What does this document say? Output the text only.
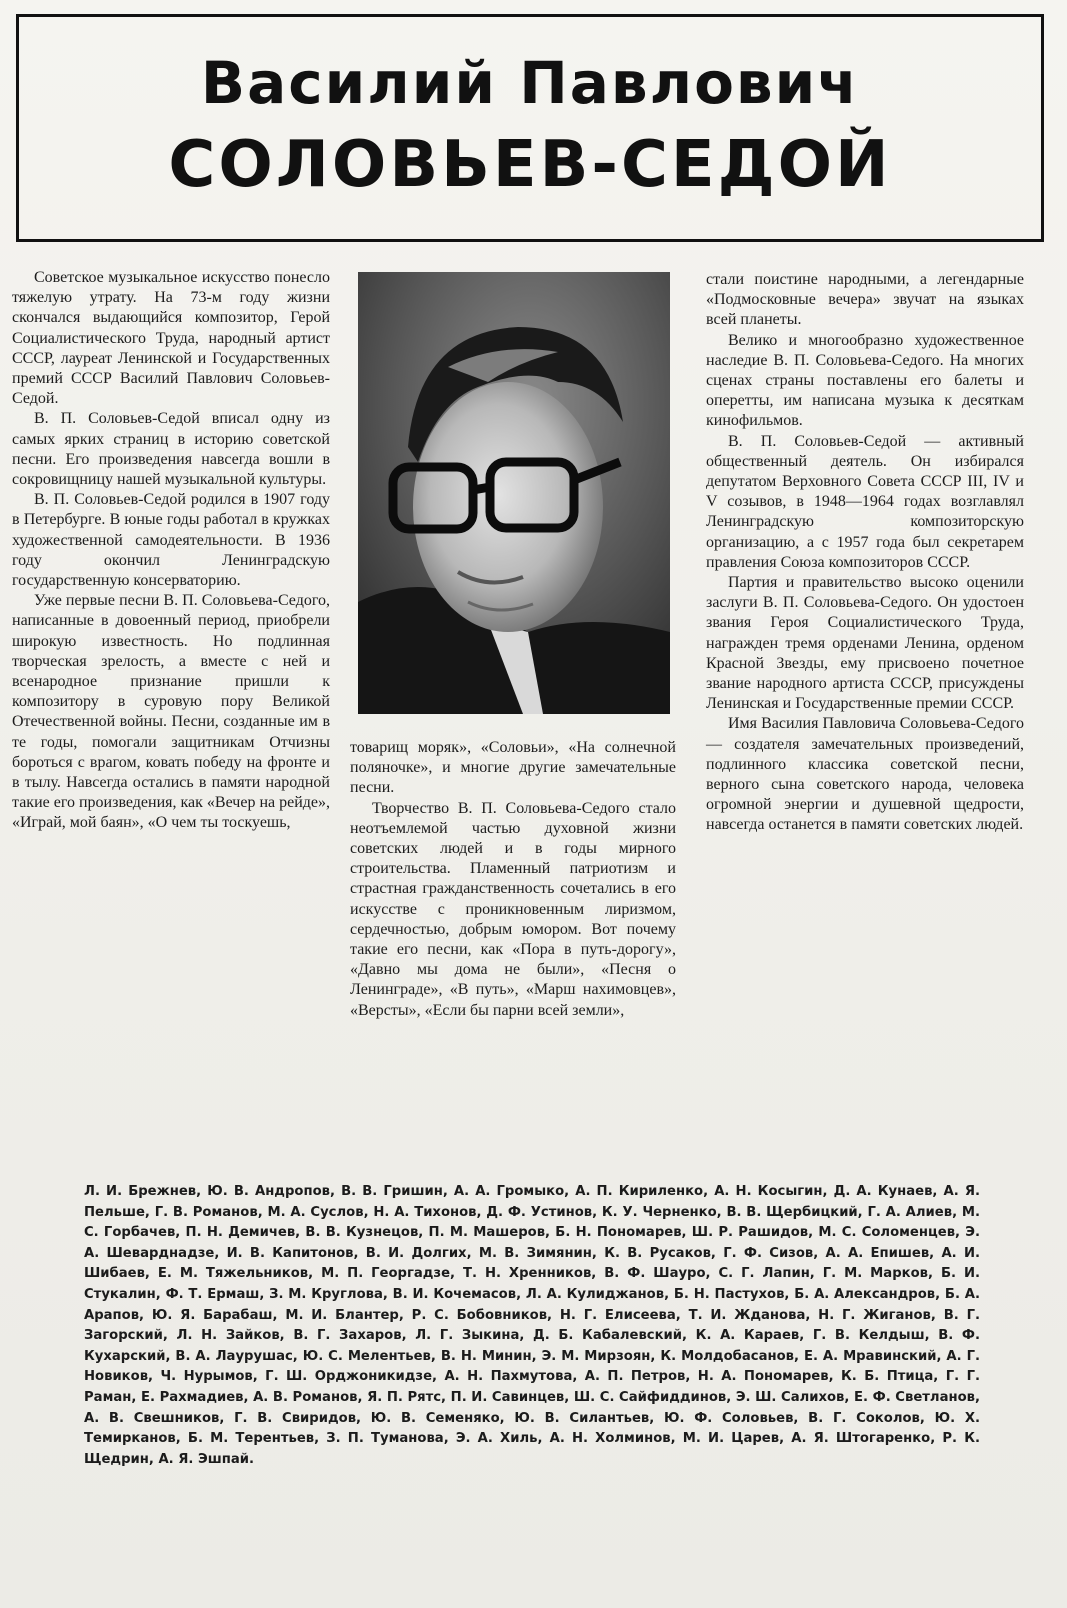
Василий Павлович
СОЛОВЬЕВ-СЕДОЙ

Советское музыкальное искусство понесло тяжелую утрату. На 73-м году жизни скончался выдающийся композитор, Герой Социалистического Труда, народный артист СССР, лауреат Ленинской и Государственных премий СССР Василий Павлович Соловьев-Седой.

В. П. Соловьев-Седой вписал одну из самых ярких страниц в историю советской песни. Его произведения навсегда вошли в сокровищницу нашей музыкальной культуры.

В. П. Соловьев-Седой родился в 1907 году в Петербурге. В юные годы работал в кружках художественной самодеятельности. В 1936 году окончил Ленинградскую государственную консерваторию.

Уже первые песни В. П. Соловьева-Седого, написанные в довоенный период, приобрели широкую известность. Но подлинная творческая зрелость, а вместе с ней и всенародное признание пришли к композитору в суровую пору Великой Отечественной войны. Песни, созданные им в те годы, помогали защитникам Отчизны бороться с врагом, ковать победу на фронте и в тылу. Навсегда остались в памяти народной такие его произведения, как «Вечер на рейде», «Играй, мой баян», «О чем ты тоскуешь,

товарищ моряк», «Соловьи», «На солнечной поляночке», и многие другие замечательные песни.

Творчество В. П. Соловьева-Седого стало неотъемлемой частью духовной жизни советских людей и в годы мирного строительства. Пламенный патриотизм и страстная гражданственность сочетались в его искусстве с проникновенным лиризмом, сердечностью, добрым юмором. Вот почему такие его песни, как «Пора в путь-дорогу», «Давно мы дома не были», «Песня о Ленинграде», «В путь», «Марш нахимовцев», «Версты», «Если бы парни всей земли»,

стали поистине народными, а легендарные «Подмосковные вечера» звучат на языках всей планеты.

Велико и многообразно художественное наследие В. П. Соловьева-Седого. На многих сценах страны поставлены его балеты и оперетты, им написана музыка к десяткам кинофильмов.

В. П. Соловьев-Седой — активный общественный деятель. Он избирался депутатом Верховного Совета СССР III, IV и V созывов, в 1948—1964 годах возглавлял Ленинградскую композиторскую организацию, а с 1957 года был секретарем правления Союза композиторов СССР.

Партия и правительство высоко оценили заслуги В. П. Соловьева-Седого. Он удостоен звания Героя Социалистического Труда, награжден тремя орденами Ленина, орденом Красной Звезды, ему присвоено почетное звание народного артиста СССР, присуждены Ленинская и Государственные премии СССР.

Имя Василия Павловича Соловьева-Седого — создателя замечательных произведений, подлинного классика советской песни, верного сына советского народа, человека огромной энергии и душевной щедрости, навсегда останется в памяти советских людей.

Л. И. Брежнев, Ю. В. Андропов, В. В. Гришин, А. А. Громыко, А. П. Кириленко, А. Н. Косыгин, Д. А. Кунаев, А. Я. Пельше, Г. В. Романов, М. А. Суслов, Н. А. Тихонов, Д. Ф. Устинов, К. У. Черненко, В. В. Щербицкий, Г. А. Алиев, М. С. Горбачев, П. Н. Демичев, В. В. Кузнецов, П. М. Машеров, Б. Н. Пономарев, Ш. Р. Рашидов, М. С. Соломенцев, Э. А. Шеварднадзе, И. В. Капитонов, В. И. Долгих, М. В. Зимянин, К. В. Русаков, Г. Ф. Сизов, А. А. Епишев, А. И. Шибаев, Е. М. Тяжельников, М. П. Георгадзе, Т. Н. Хренников, В. Ф. Шауро, С. Г. Лапин, Г. М. Марков, Б. И. Стукалин, Ф. Т. Ермаш, З. М. Круглова, В. И. Кочемасов, Л. А. Кулиджанов, Б. Н. Пастухов, Б. А. Александров, Б. А. Арапов, Ю. Я. Барабаш, М. И. Блантер, Р. С. Бобовников, Н. Г. Елисеева, Т. И. Жданова, Н. Г. Жиганов, В. Г. Загорский, Л. Н. Зайков, В. Г. Захаров, Л. Г. Зыкина, Д. Б. Кабалевский, К. А. Караев, Г. В. Келдыш, В. Ф. Кухарский, В. А. Лаурушас, Ю. С. Мелентьев, В. Н. Минин, Э. М. Мирзоян, К. Молдобасанов, Е. А. Мравинский, А. Г. Новиков, Ч. Нурымов, Г. Ш. Орджоникидзе, А. Н. Пахмутова, А. П. Петров, Н. А. Пономарев, К. Б. Птица, Г. Г. Раман, Е. Рахмадиев, А. В. Романов, Я. П. Рятс, П. И. Савинцев, Ш. С. Сайфиддинов, Э. Ш. Салихов, Е. Ф. Светланов, А. В. Свешников, Г. В. Свиридов, Ю. В. Семеняко, Ю. В. Силантьев, Ю. Ф. Соловьев, В. Г. Соколов, Ю. Х. Темирканов, Б. М. Терентьев, З. П. Туманова, Э. А. Хиль, А. Н. Холминов, М. И. Царев, А. Я. Штогаренко, Р. К. Щедрин, А. Я. Эшпай.
